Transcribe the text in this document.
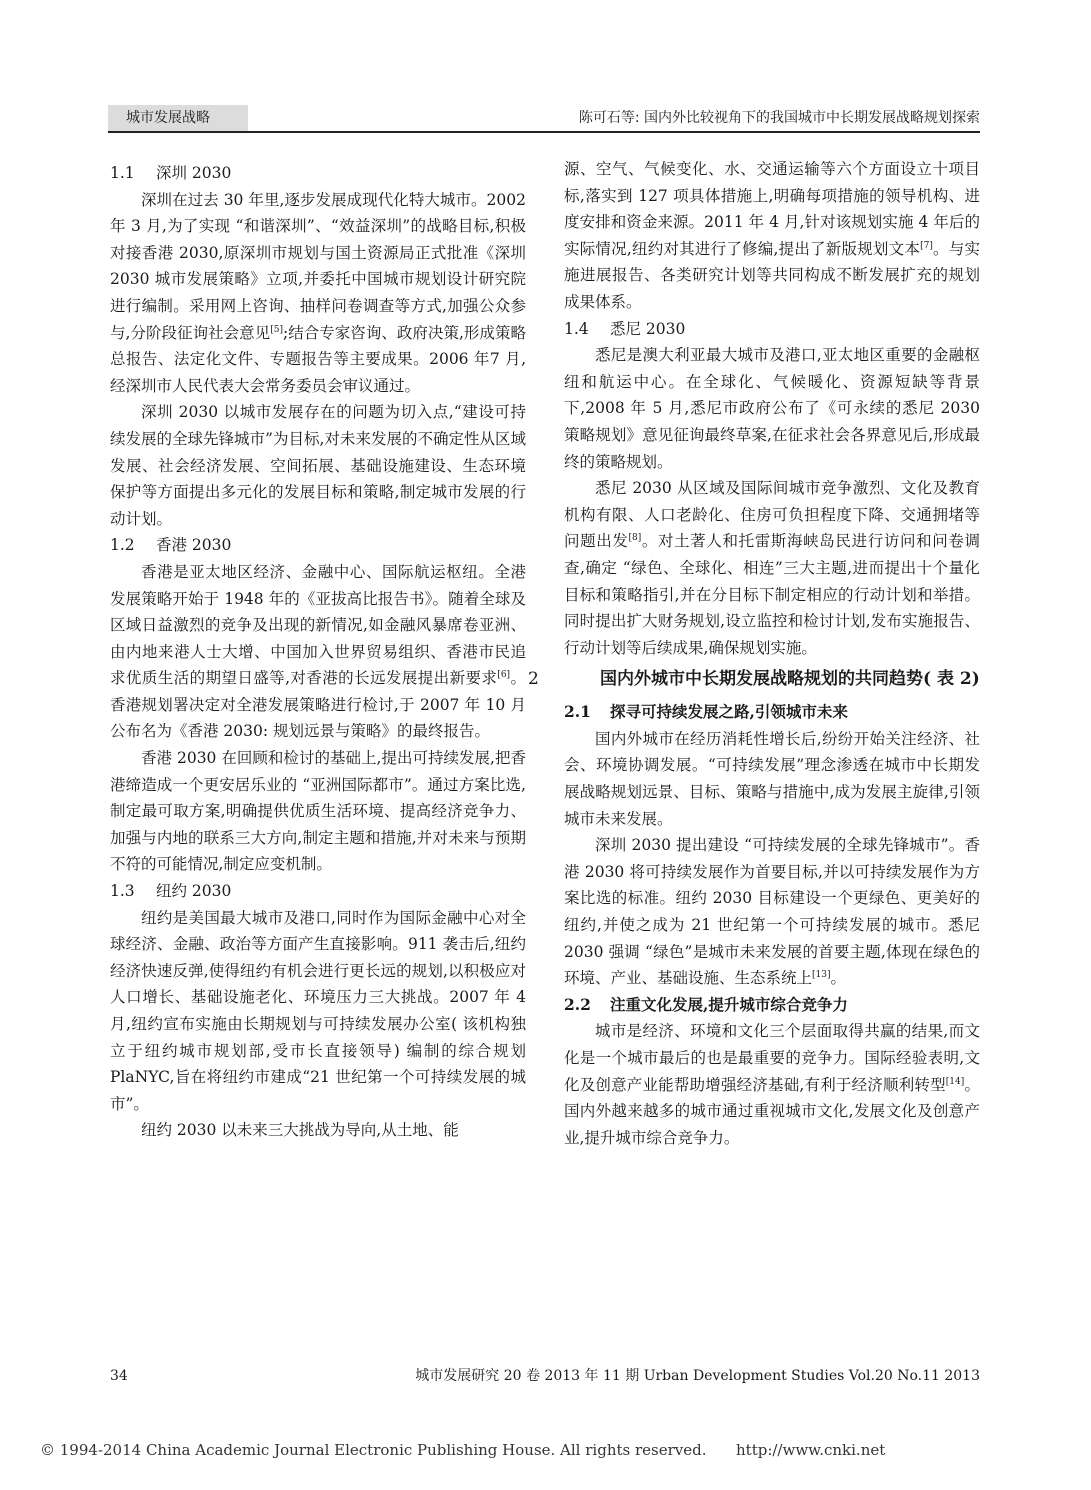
城市发展战略	陈可石等: 国内外比较视角下的我国城市中长期发展战略规划探索
1.1 深圳 2030

深圳在过去 30 年里,逐步发展成现代化特大城市。2002 年 3 月,为了实现 “和谐深圳”、“效益深圳”的战略目标,积极对接香港 2030,原深圳市规划与国土资源局正式批准《深圳 2030 城市发展策略》立项,并委托中国城市规划设计研究院进行编制。采用网上咨询、抽样问卷调查等方式,加强公众参与,分阶段征询社会意见[5];结合专家咨询、政府决策,形成策略总报告、法定化文件、专题报告等主要成果。2006 年7 月,经深圳市人民代表大会常务委员会审议通过。

深圳 2030 以城市发展存在的问题为切入点,“建设可持续发展的全球先锋城市”为目标,对未来发展的不确定性从区域发展、社会经济发展、空间拓展、基础设施建设、生态环境保护等方面提出多元化的发展目标和策略,制定城市发展的行动计划。

1.2 香港 2030

香港是亚太地区经济、金融中心、国际航运枢纽。全港发展策略开始于 1948 年的《亚拔高比报告书》。随着全球及区域日益激烈的竞争及出现的新情况,如金融风暴席卷亚洲、由内地来港人士大增、中国加入世界贸易组织、香港市民追求优质生活的期望日盛等,对香港的长远发展提出新要求[6]。香港规划署决定对全港发展策略进行检讨,于 2007 年 10 月公布名为《香港 2030: 规划远景与策略》的最终报告。

香港 2030 在回顾和检讨的基础上,提出可持续发展,把香港缔造成一个更安居乐业的 “亚洲国际都市”。通过方案比选,制定最可取方案,明确提供优质生活环境、提高经济竞争力、加强与内地的联系三大方向,制定主题和措施,并对未来与预期不符的可能情况,制定应变机制。

1.3 纽约 2030

纽约是美国最大城市及港口,同时作为国际金融中心对全球经济、金融、政治等方面产生直接影响。911 袭击后,纽约经济快速反弹,使得纽约有机会进行更长远的规划,以积极应对人口增长、基础设施老化、环境压力三大挑战。2007 年 4 月,纽约宣布实施由长期规划与可持续发展办公室( 该机构独立于纽约城市规划部,受市长直接领导) 编制的综合规划 PlaNYC,旨在将纽约市建成“21 世纪第一个可持续发展的城市”。

纽约 2030 以未来三大挑战为导向,从土地、能

源、空气、气候变化、水、交通运输等六个方面设立十项目标,落实到 127 项具体措施上,明确每项措施的领导机构、进度安排和资金来源。2011 年 4 月,针对该规划实施 4 年后的实际情况,纽约对其进行了修编,提出了新版规划文本[7]。与实施进展报告、各类研究计划等共同构成不断发展扩充的规划成果体系。

1.4 悉尼 2030

悉尼是澳大利亚最大城市及港口,亚太地区重要的金融枢纽和航运中心。在全球化、气候暖化、资源短缺等背景下,2008 年 5 月,悉尼市政府公布了《可永续的悉尼 2030 策略规划》意见征询最终草案,在征求社会各界意见后,形成最终的策略规划。

悉尼 2030 从区域及国际间城市竞争激烈、文化及教育机构有限、人口老龄化、住房可负担程度下降、交通拥堵等问题出发[8]。对土著人和托雷斯海峡岛民进行访问和问卷调查,确定 “绿色、全球化、相连”三大主题,进而提出十个量化目标和策略指引,并在分目标下制定相应的行动计划和举措。同时提出扩大财务规划,设立监控和检讨计划,发布实施报告、行动计划等后续成果,确保规划实施。

2	国内外城市中长期发展战略规划的共同趋势( 表 2)
2.1 探寻可持续发展之路,引领城市未来

国内外城市在经历消耗性增长后,纷纷开始关注经济、社会、环境协调发展。“可持续发展”理念渗透在城市中长期发展战略规划远景、目标、策略与措施中,成为发展主旋律,引领城市未来发展。

深圳 2030 提出建设 “可持续发展的全球先锋城市”。香港 2030 将可持续发展作为首要目标,并以可持续发展作为方案比选的标准。纽约 2030 目标建设一个更绿色、更美好的纽约,并使之成为 21 世纪第一个可持续发展的城市。悉尼 2030 强调 “绿色”是城市未来发展的首要主题,体现在绿色的环境、产业、基础设施、生态系统上[13]。

2.2 注重文化发展,提升城市综合竞争力

城市是经济、环境和文化三个层面取得共赢的结果,而文化是一个城市最后的也是最重要的竞争力。国际经验表明,文化及创意产业能帮助增强经济基础,有利于经济顺利转型[14]。国内外越来越多的城市通过重视城市文化,发展文化及创意产业,提升城市综合竞争力。

34	城市发展研究 20 卷 2013 年 11 期 Urban Development Studies Vol.20 No.11 2013
© 1994-2014 China Academic Journal Electronic Publishing House. All rights reserved. http://www.cnki.net
